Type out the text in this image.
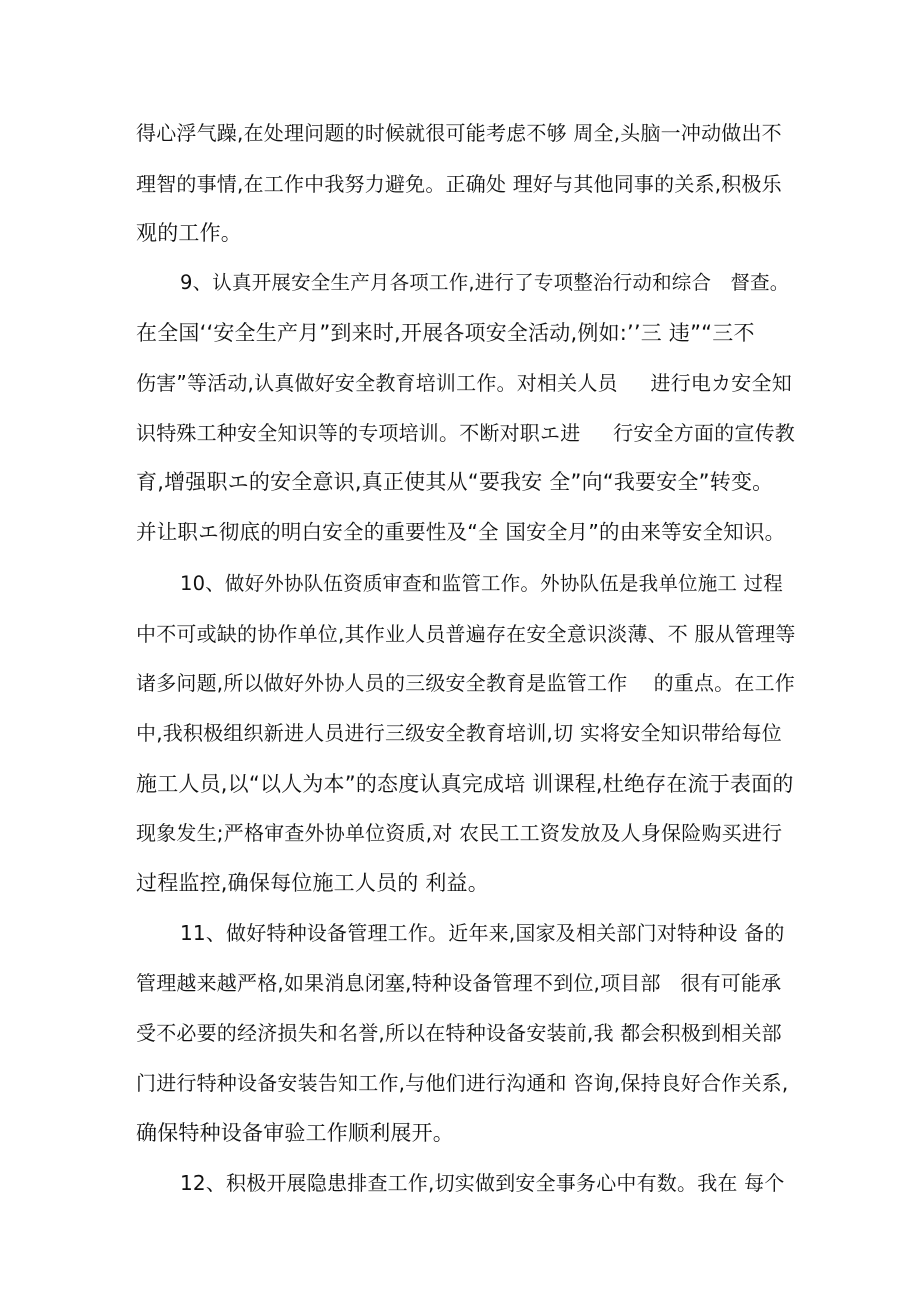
得心浮气躁,在处理问题的时候就很可能考虑不够 周全,头脑一冲动做出不
理智的事情,在工作中我努力避免。正确处 理好与其他同事的关系,积极乐
观的工作。
9、认真开展安全生产月各项工作,进行了专项整治行动和综合   督查。
在全国‘‘安全生产月”到来时,开展各项安全活动,例如:’’三 违”“三不
伤害”等活动,认真做好安全教育培训工作。对相关人员     进行电カ安全知
识特殊工种安全知识等的专项培训。不断对职エ进     行安全方面的宣传教
育,增强职エ的安全意识,真正使其从“要我安 全”向“我要安全”转变。
并让职エ彻底的明白安全的重要性及“全 国安全月”的由来等安全知识。
10、做好外协队伍资质审查和监管工作。外协队伍是我单位施工 过程
中不可或缺的协作单位,其作业人员普遍存在安全意识淡薄、不 服从管理等
诸多问题,所以做好外协人员的三级安全教育是监管工作    的重点。在工作
中,我积极组织新进人员进行三级安全教育培训,切 实将安全知识带给每位
施工人员,以“以人为本”的态度认真完成培 训课程,杜绝存在流于表面的
现象发生;严格审查外协单位资质,对 农民工工资发放及人身保险购买进行
过程监控,确保每位施工人员的 利益。
11、做好特种设备管理工作。近年来,国家及相关部门对特种设 备的
管理越来越严格,如果消息闭塞,特种设备管理不到位,项目部   很有可能承
受不必要的经济损失和名誉,所以在特种设备安装前,我 都会积极到相关部
门进行特种设备安装告知工作,与他们进行沟通和 咨询,保持良好合作关系,
确保特种设备审验工作顺利展开。
12、积极开展隐患排查工作,切实做到安全事务心中有数。我在 每个
